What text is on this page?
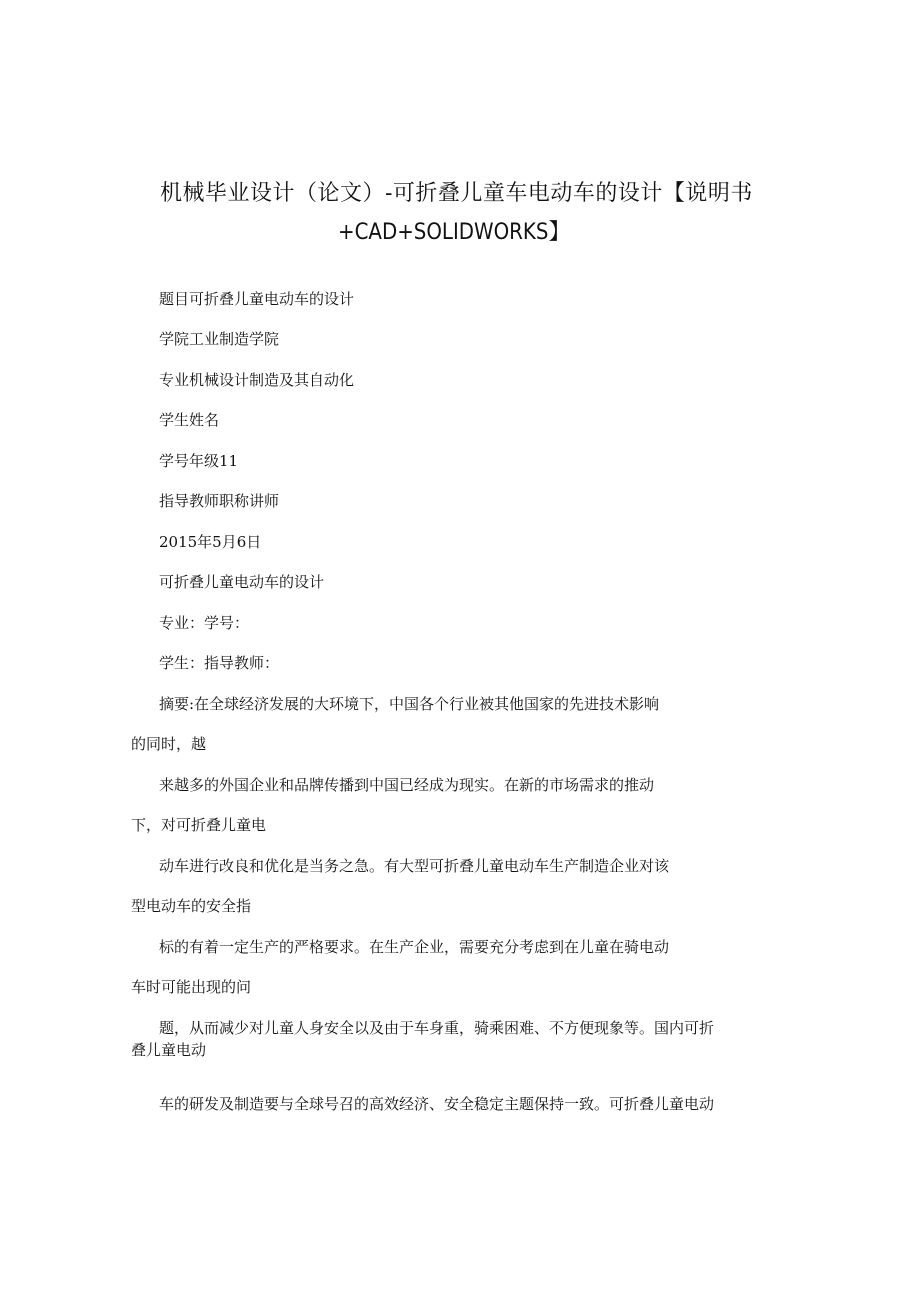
机械毕业设计（论文）-可折叠儿童车电动车的设计【说明书
+CAD+SOLIDWORKS】
题目可折叠儿童电动车的设计
学院工业制造学院
专业机械设计制造及其自动化
学生姓名
学号年级11
指导教师职称讲师
2015年5月6日
可折叠儿童电动车的设计
专业：学号：
学生：指导教师：
摘要:在全球经济发展的大环境下，中国各个行业被其他国家的先进技术影响
的同时，越
来越多的外国企业和品牌传播到中国已经成为现实。在新的市场需求的推动
下，对可折叠儿童电
动车进行改良和优化是当务之急。有大型可折叠儿童电动车生产制造企业对该
型电动车的安全指
标的有着一定生产的严格要求。在生产企业，需要充分考虑到在儿童在骑电动
车时可能出现的问
题，从而减少对儿童人身安全以及由于车身重，骑乘困难、不方便现象等。国内可折
叠儿童电动
车的研发及制造要与全球号召的高效经济、安全稳定主题保持一致。可折叠儿童电动
